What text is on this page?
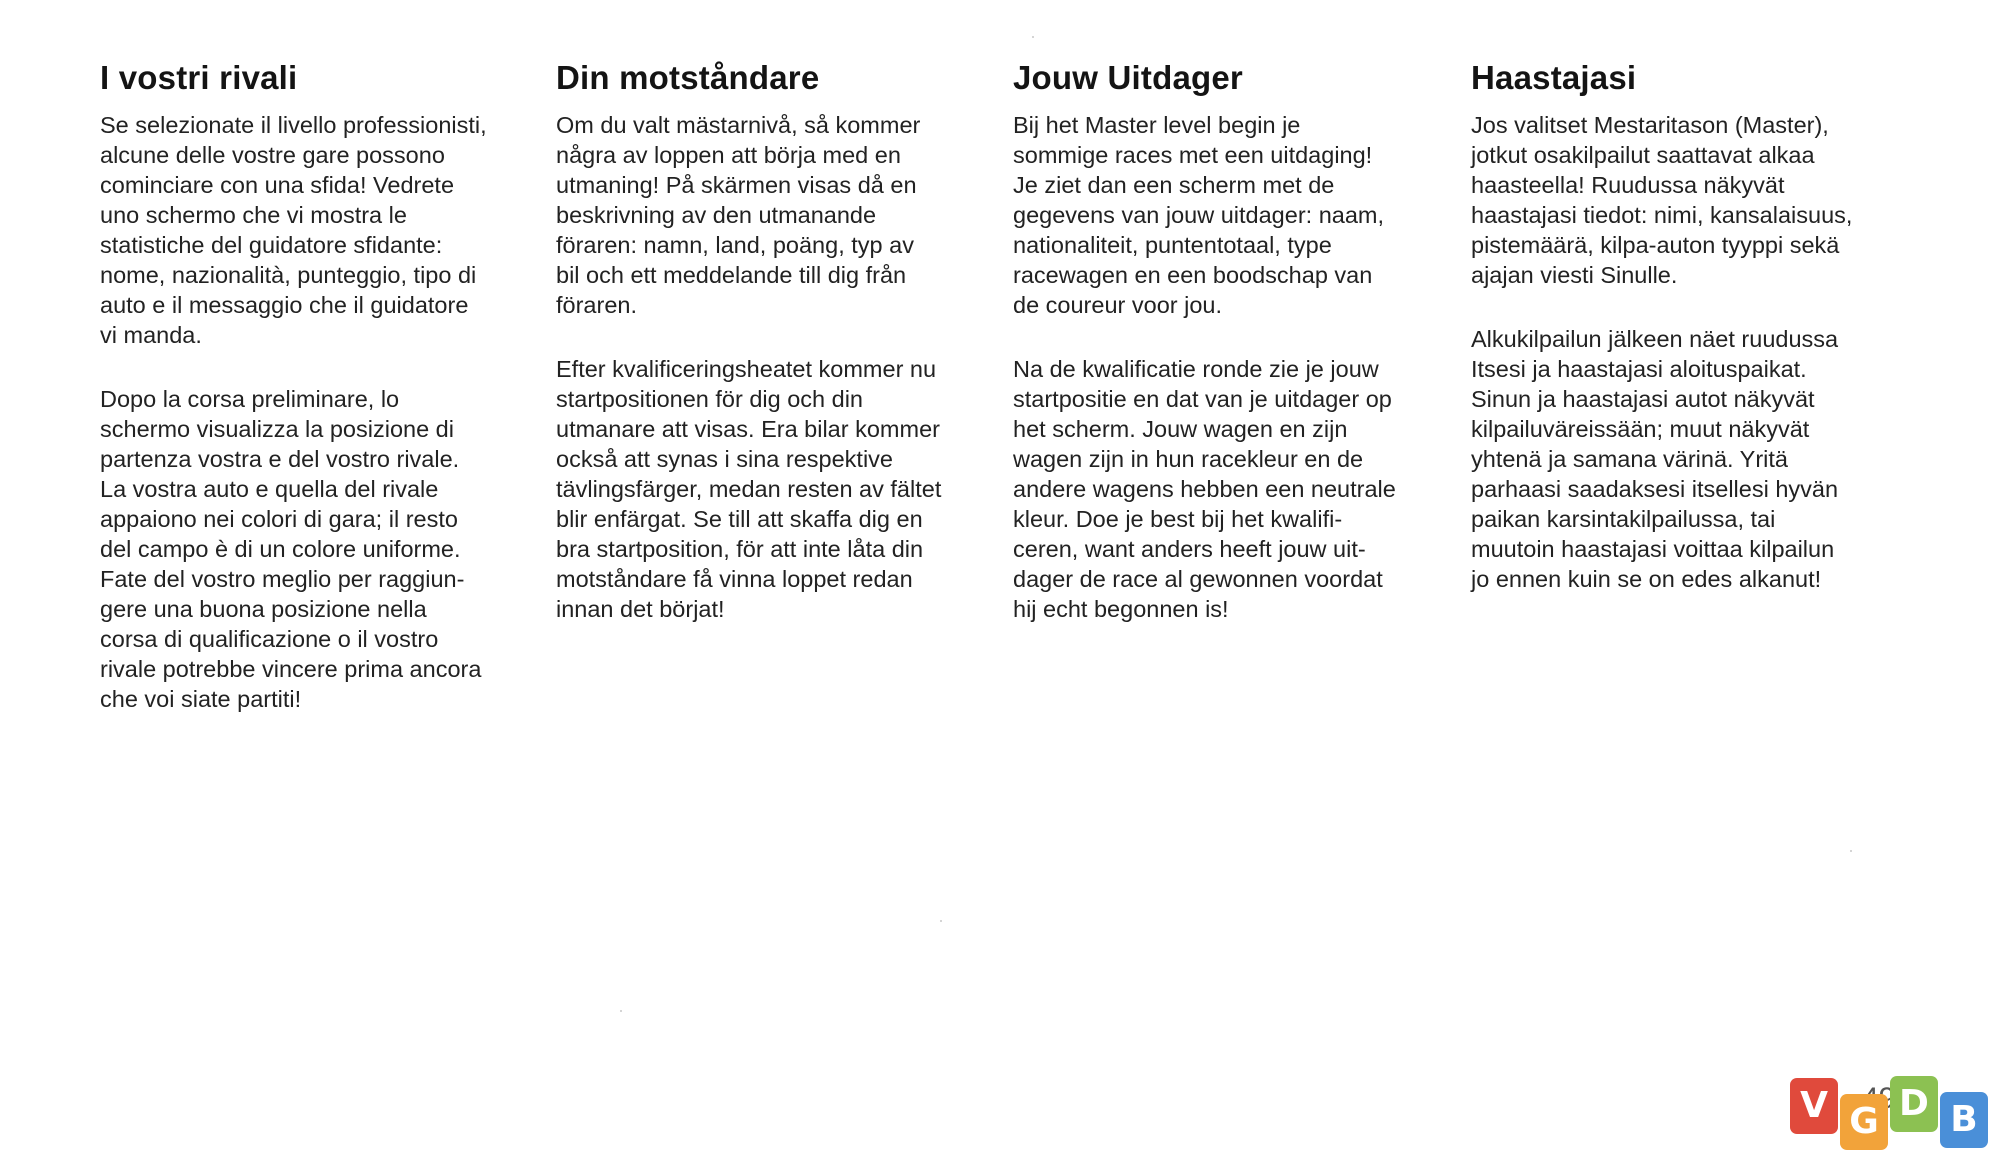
I vostri rivali

Se selezionate il livello professionisti,
alcune delle vostre gare possono
cominciare con una sfida! Vedrete
uno schermo che vi mostra le
statistiche del guidatore sfidante:
nome, nazionalità, punteggio, tipo di
auto e il messaggio che il guidatore
vi manda.

Dopo la corsa preliminare, lo
schermo visualizza la posizione di
partenza vostra e del vostro rivale.
La vostra auto e quella del rivale
appaiono nei colori di gara; il resto
del campo è di un colore uniforme.
Fate del vostro meglio per raggiun-
gere una buona posizione nella
corsa di qualificazione o il vostro
rivale potrebbe vincere prima ancora
che voi siate partiti!

Din motståndare

Om du valt mästarnivå, så kommer
några av loppen att börja med en
utmaning! På skärmen visas då en
beskrivning av den utmanande
föraren: namn, land, poäng, typ av
bil och ett meddelande till dig från
föraren.

Efter kvalificeringsheatet kommer nu
startpositionen för dig och din
utmanare att visas. Era bilar kommer
också att synas i sina respektive
tävlingsfärger, medan resten av fältet
blir enfärgat. Se till att skaffa dig en
bra startposition, för att inte låta din
motståndare få vinna loppet redan
innan det börjat!

Jouw Uitdager

Bij het Master level begin je
sommige races met een uitdaging!
Je ziet dan een scherm met de
gegevens van jouw uitdager: naam,
nationaliteit, puntentotaal, type
racewagen en een boodschap van
de coureur voor jou.

Na de kwalificatie ronde zie je jouw
startpositie en dat van je uitdager op
het scherm. Jouw wagen en zijn
wagen zijn in hun racekleur en de
andere wagens hebben een neutrale
kleur. Doe je best bij het kwalifi-
ceren, want anders heeft jouw uit-
dager de race al gewonnen voordat
hij echt begonnen is!

Haastajasi

Jos valitset Mestaritason (Master),
jotkut osakilpailut saattavat alkaa
haasteella! Ruudussa näkyvät
haastajasi tiedot: nimi, kansalaisuus,
pistemäärä, kilpa-auton tyyppi sekä
ajajan viesti Sinulle.

Alkukilpailun jälkeen näet ruudussa
Itsesi ja haastajasi aloituspaikat.
Sinun ja haastajasi autot näkyvät
kilpailuväreissään; muut näkyvät
yhtenä ja samana värinä. Yritä
parhaasi saadaksesi itsellesi hyvän
paikan karsintakilpailussa, tai
muutoin haastajasi voittaa kilpailun
jo ennen kuin se on edes alkanut!

V G D B
